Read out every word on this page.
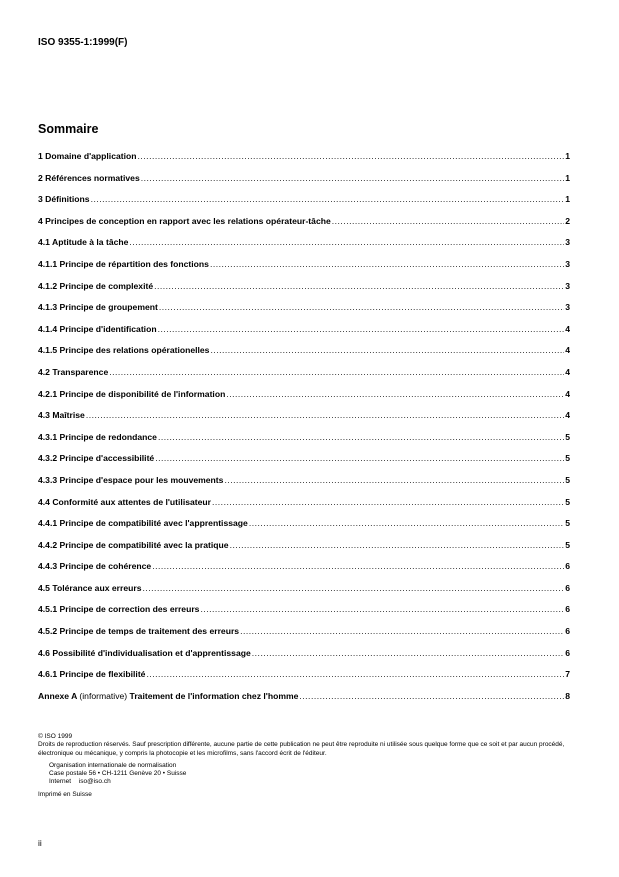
ISO 9355-1:1999(F)

Sommaire
1 Domaine d'application .....	1
2 Références normatives .....	1
3 Définitions .....	1
4 Principes de conception en rapport avec les relations opérateur-tâche .....	2
4.1 Aptitude à la tâche .....	3
4.1.1 Principe de répartition des fonctions .....	3
4.1.2 Principe de complexité .....	3
4.1.3 Principe de groupement .....	3
4.1.4 Principe d'identification .....	4
4.1.5 Principe des relations opérationelles .....	4
4.2 Transparence .....	4
4.2.1 Principe de disponibilité de l'information .....	4
4.3 Maîtrise .....	4
4.3.1 Principe de redondance .....	5
4.3.2 Principe d'accessibilité .....	5
4.3.3 Principe d'espace pour les mouvements .....	5
4.4 Conformité aux attentes de l'utilisateur .....	5
4.4.1 Principe de compatibilité avec l'apprentissage .....	5
4.4.2 Principe de compatibilité avec la pratique .....	5
4.4.3 Principe de cohérence .....	6
4.5 Tolérance aux erreurs .....	6
4.5.1 Principe de correction des erreurs .....	6
4.5.2 Principe de temps de traitement des erreurs .....	6
4.6 Possibilité d'individualisation et d'apprentissage .....	6
4.6.1 Principe de flexibilité .....	7
Annexe A (informative) Traitement de l'information chez l'homme .....	8

© ISO 1999

Droits de reproduction réservés. Sauf prescription différente, aucune partie de cette publication ne peut être reproduite ni utilisée sous quelque forme que ce soit et par aucun procédé, électronique ou mécanique, y compris la photocopie et les microfilms, sans l'accord écrit de l'éditeur.

Organisation internationale de normalisation

Case postale 56 • CH-1211 Genève 20 • Suisse

Internet iso@iso.ch

Imprimé en Suisse

ii
